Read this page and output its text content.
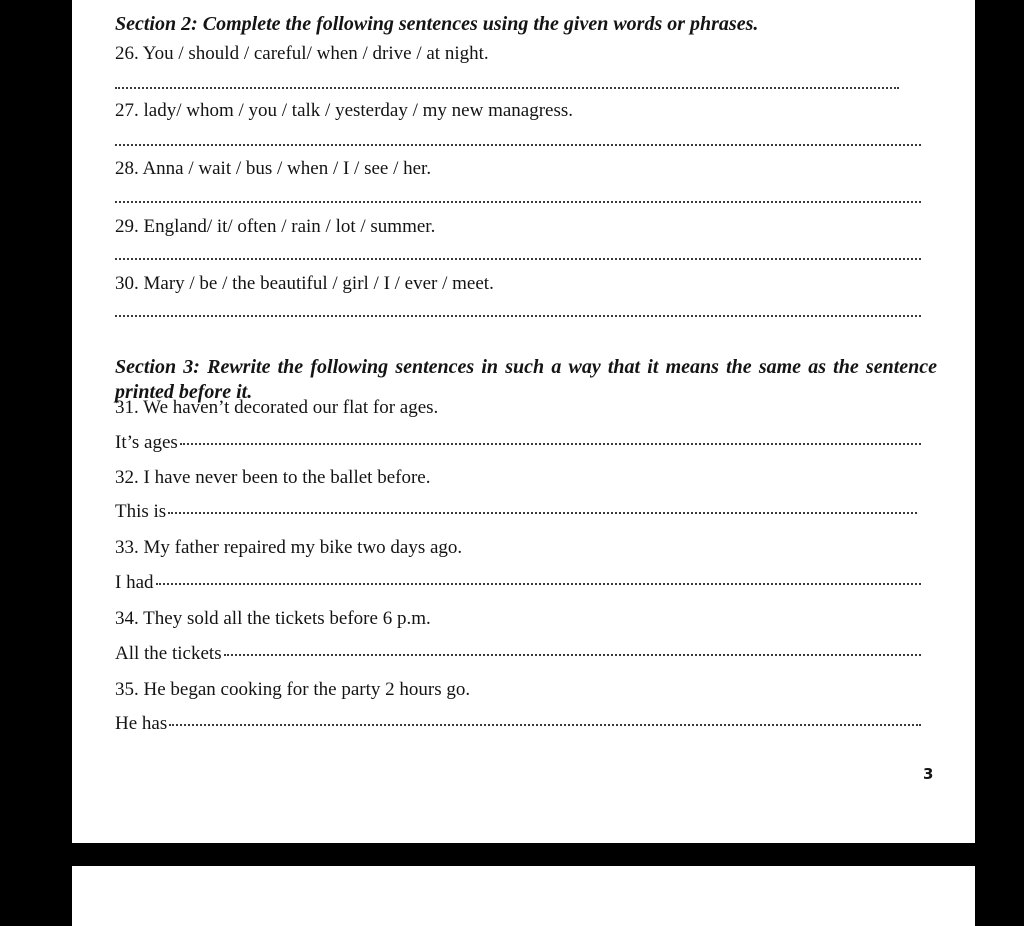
Section 2: Complete the following sentences using the given words or phrases.

26. You / should / careful/ when / drive / at night.

27. lady/ whom / you / talk / yesterday / my new managress.

28. Anna / wait / bus / when / I / see / her.

29. England/ it/ often / rain / lot / summer.

30. Mary / be / the beautiful / girl / I / ever / meet.

Section 3: Rewrite the following sentences in such a way that it means the same as the sentence printed before it.

31. We haven’t decorated our flat for ages.

It’s ages

32. I have never been to the ballet before.

This is

33. My father repaired my bike two days ago.

I had

34. They sold all the tickets before 6 p.m.

All the tickets

35. He began cooking for the party 2 hours go.

He has
3
